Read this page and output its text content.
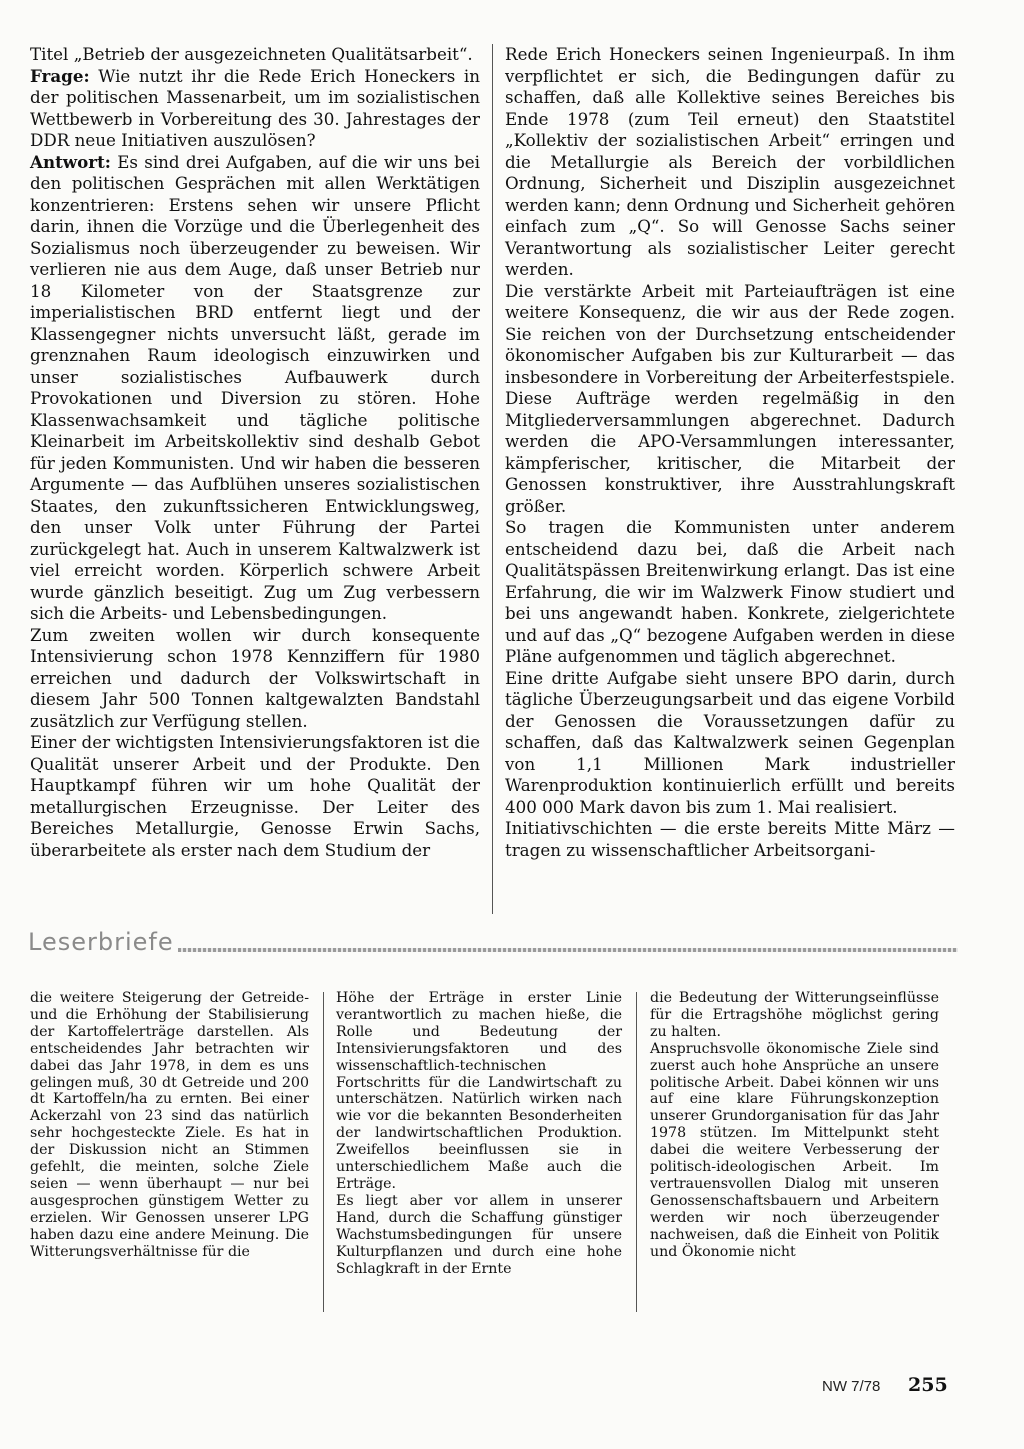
Titel „Betrieb der ausgezeichneten Qualitätsarbeit“.

Frage: Wie nutzt ihr die Rede Erich Honeckers in der politischen Massenarbeit, um im sozialistischen Wettbewerb in Vorbereitung des 30. Jahrestages der DDR neue Initiativen auszulösen?

Antwort: Es sind drei Aufgaben, auf die wir uns bei den politischen Gesprächen mit allen Werktätigen konzentrieren: Erstens sehen wir unsere Pflicht darin, ihnen die Vorzüge und die Überlegenheit des Sozialismus noch überzeugender zu beweisen. Wir verlieren nie aus dem Auge, daß unser Betrieb nur 18 Kilometer von der Staatsgrenze zur imperialistischen BRD entfernt liegt und der Klassengegner nichts unversucht läßt, gerade im grenznahen Raum ideologisch einzuwirken und unser sozialistisches Aufbauwerk durch Provokationen und Diversion zu stören. Hohe Klassenwachsamkeit und tägliche politische Kleinarbeit im Arbeitskollektiv sind deshalb Gebot für jeden Kommunisten. Und wir haben die besseren Argumente — das Aufblühen unseres sozialistischen Staates, den zukunftssicheren Entwicklungsweg, den unser Volk unter Führung der Partei zurückgelegt hat. Auch in unserem Kaltwalzwerk ist viel erreicht worden. Körperlich schwere Arbeit wurde gänzlich beseitigt. Zug um Zug verbessern sich die Arbeits- und Lebensbedingungen.

Zum zweiten wollen wir durch konsequente Intensivierung schon 1978 Kennziffern für 1980 erreichen und dadurch der Volkswirtschaft in diesem Jahr 500 Tonnen kaltgewalzten Bandstahl zusätzlich zur Verfügung stellen.

Einer der wichtigsten Intensivierungsfaktoren ist die Qualität unserer Arbeit und der Produkte. Den Hauptkampf führen wir um hohe Qualität der metallurgischen Erzeugnisse. Der Leiter des Bereiches Metallurgie, Genosse Erwin Sachs, überarbeitete als erster nach dem Studium der

Rede Erich Honeckers seinen Ingenieurpaß. In ihm verpflichtet er sich, die Bedingungen dafür zu schaffen, daß alle Kollektive seines Bereiches bis Ende 1978 (zum Teil erneut) den Staatstitel „Kollektiv der sozialistischen Arbeit“ erringen und die Metallurgie als Bereich der vorbildlichen Ordnung, Sicherheit und Disziplin ausgezeichnet werden kann; denn Ordnung und Sicherheit gehören einfach zum „Q“. So will Genosse Sachs seiner Verantwortung als sozialistischer Leiter gerecht werden.

Die verstärkte Arbeit mit Parteiaufträgen ist eine weitere Konsequenz, die wir aus der Rede zogen. Sie reichen von der Durchsetzung entscheidender ökonomischer Aufgaben bis zur Kulturarbeit — das insbesondere in Vorbereitung der Arbeiterfestspiele. Diese Aufträge werden regelmäßig in den Mitgliederversammlungen abgerechnet. Dadurch werden die APO-Versammlungen interessanter, kämpferischer, kritischer, die Mitarbeit der Genossen konstruktiver, ihre Ausstrahlungskraft größer.

So tragen die Kommunisten unter anderem entscheidend dazu bei, daß die Arbeit nach Qualitätspässen Breitenwirkung erlangt. Das ist eine Erfahrung, die wir im Walzwerk Finow studiert und bei uns angewandt haben. Konkrete, zielgerichtete und auf das „Q“ bezogene Aufgaben werden in diese Pläne aufgenommen und täglich abgerechnet.

Eine dritte Aufgabe sieht unsere BPO darin, durch tägliche Überzeugungsarbeit und das eigene Vorbild der Genossen die Voraussetzungen dafür zu schaffen, daß das Kaltwalzwerk seinen Gegenplan von 1,1 Millionen Mark industrieller Warenproduktion kontinuierlich erfüllt und bereits 400 000 Mark davon bis zum 1. Mai realisiert.

Initiativschichten — die erste bereits Mitte März — tragen zu wissenschaftlicher Arbeitsorgani-

Leserbriefe

die weitere Steigerung der Getreide- und die Erhöhung der Stabilisierung der Kartoffelerträge darstellen. Als entscheidendes Jahr betrachten wir dabei das Jahr 1978, in dem es uns gelingen muß, 30 dt Getreide und 200 dt Kartoffeln/ha zu ernten. Bei einer Ackerzahl von 23 sind das natürlich sehr hochgesteckte Ziele. Es hat in der Diskussion nicht an Stimmen gefehlt, die meinten, solche Ziele seien — wenn überhaupt — nur bei ausgesprochen günstigem Wetter zu erzielen. Wir Genossen unserer LPG haben dazu eine andere Meinung. Die Witterungsverhältnisse für die

Höhe der Erträge in erster Linie verantwortlich zu machen hieße, die Rolle und Bedeutung der Intensivierungsfaktoren und des wissenschaftlich-technischen Fortschritts für die Landwirtschaft zu unterschätzen. Natürlich wirken nach wie vor die bekannten Besonderheiten der landwirtschaftlichen Produktion. Zweifellos beeinflussen sie in unterschiedlichem Maße auch die Erträge.

Es liegt aber vor allem in unserer Hand, durch die Schaffung günstiger Wachstumsbedingungen für unsere Kulturpflanzen und durch eine hohe Schlagkraft in der Ernte

die Bedeutung der Witterungseinflüsse für die Ertragshöhe möglichst gering zu halten.

Anspruchsvolle ökonomische Ziele sind zuerst auch hohe Ansprüche an unsere politische Arbeit. Dabei können wir uns auf eine klare Führungskonzeption unserer Grundorganisation für das Jahr 1978 stützen. Im Mittelpunkt steht dabei die weitere Verbesserung der politisch-ideologischen Arbeit. Im vertrauensvollen Dialog mit unseren Genossenschaftsbauern und Arbeitern werden wir noch überzeugender nachweisen, daß die Einheit von Politik und Ökonomie nicht

NW 7/78 255
